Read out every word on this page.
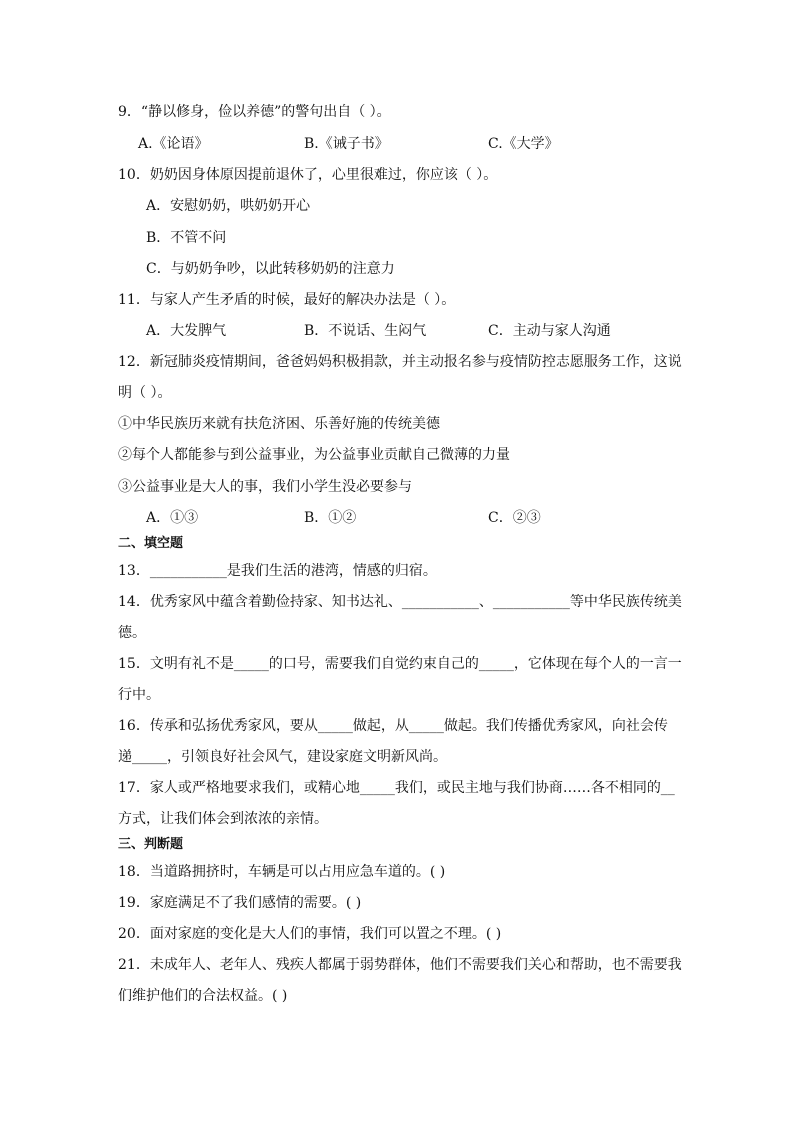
9．“静以修身，俭以养德”的警句出自（ ）。
A.《论语》	B.《诫子书》	C.《大学》
10．奶奶因身体原因提前退休了，心里很难过，你应该（ ）。
A．安慰奶奶，哄奶奶开心
B．不管不问
C．与奶奶争吵，以此转移奶奶的注意力
11．与家人产生矛盾的时候，最好的解决办法是（ ）。
A．大发脾气	B．不说话、生闷气	C．主动与家人沟通
12．新冠肺炎疫情期间，爸爸妈妈积极捐款，并主动报名参与疫情防控志愿服务工作，这说
明（ ）。
①中华民族历来就有扶危济困、乐善好施的传统美德
②每个人都能参与到公益事业，为公益事业贡献自己微薄的力量
③公益事业是大人的事，我们小学生没必要参与
A．①③	B．①②	C．②③
二、填空题
13．___________是我们生活的港湾，情感的归宿。
14．优秀家风中蕴含着勤俭持家、知书达礼、___________、___________等中华民族传统美
德。
15．文明有礼不是_____的口号，需要我们自觉约束自己的_____，它体现在每个人的一言一
行中。
16．传承和弘扬优秀家风，要从_____做起，从_____做起。我们传播优秀家风，向社会传
递_____，引领良好社会风气，建设家庭文明新风尚。
17．家人或严格地要求我们，或精心地_____我们，或民主地与我们协商……各不相同的__
方式，让我们体会到浓浓的亲情。
三、判断题
18．当道路拥挤时，车辆是可以占用应急车道的。( )
19．家庭满足不了我们感情的需要。( )
20．面对家庭的变化是大人们的事情，我们可以置之不理。( )
21．未成年人、老年人、残疾人都属于弱势群体，他们不需要我们关心和帮助，也不需要我
们维护他们的合法权益。( )
